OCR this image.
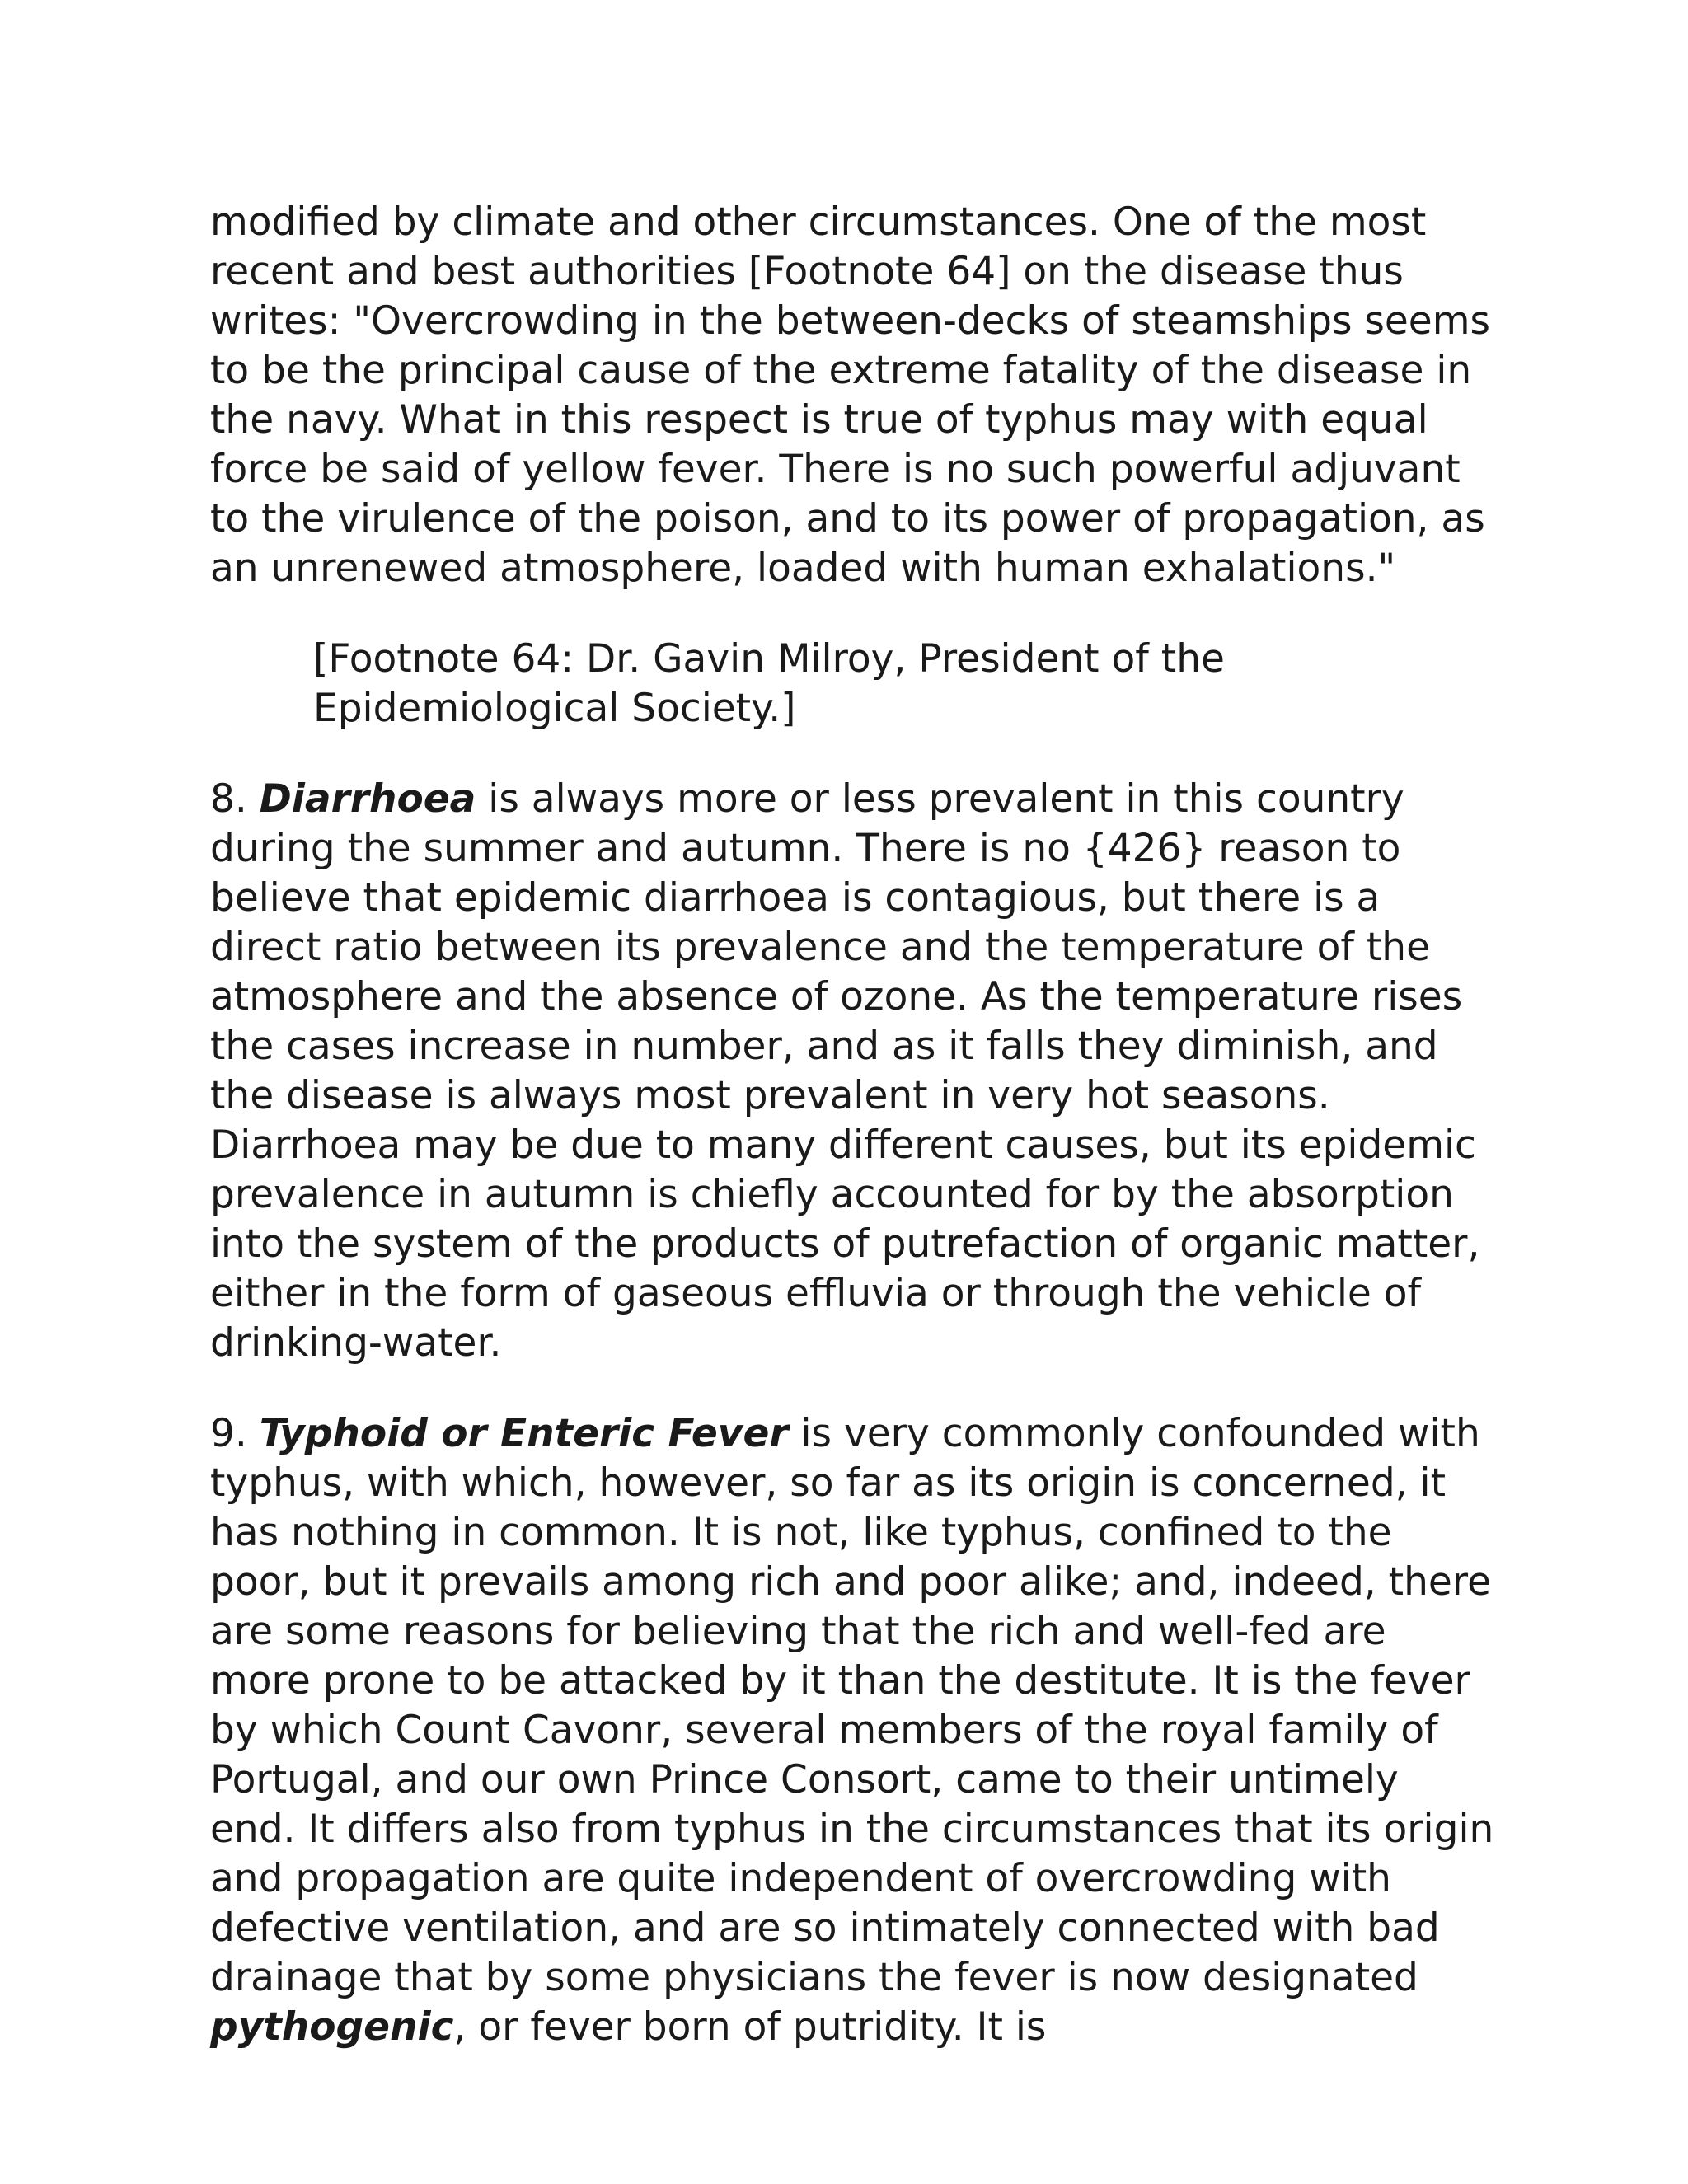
modified by climate and other circumstances. One of the most recent and best authorities [Footnote 64] on the disease thus writes: "Overcrowding in the between-decks of steamships seems to be the principal cause of the extreme fatality of the disease in the navy. What in this respect is true of typhus may with equal force be said of yellow fever. There is no such powerful adjuvant to the virulence of the poison, and to its power of propagation, as an unrenewed atmosphere, loaded with human exhalations."

[Footnote 64: Dr. Gavin Milroy, President of the Epidemiological Society.]

8. Diarrhoea is always more or less prevalent in this country during the summer and autumn. There is no {426} reason to believe that epidemic diarrhoea is contagious, but there is a direct ratio between its prevalence and the temperature of the atmosphere and the absence of ozone. As the temperature rises the cases increase in number, and as it falls they diminish, and the disease is always most prevalent in very hot seasons. Diarrhoea may be due to many different causes, but its epidemic prevalence in autumn is chiefly accounted for by the absorption into the system of the products of putrefaction of organic matter, either in the form of gaseous effluvia or through the vehicle of drinking-water.

9. Typhoid or Enteric Fever is very commonly confounded with typhus, with which, however, so far as its origin is concerned, it has nothing in common. It is not, like typhus, confined to the poor, but it prevails among rich and poor alike; and, indeed, there are some reasons for believing that the rich and well-fed are more prone to be attacked by it than the destitute. It is the fever by which Count Cavonr, several members of the royal family of Portugal, and our own Prince Consort, came to their untimely end. It differs also from typhus in the circumstances that its origin and propagation are quite independent of overcrowding with defective ventilation, and are so intimately connected with bad drainage that by some physicians the fever is now designated pythogenic, or fever born of putridity. It is
